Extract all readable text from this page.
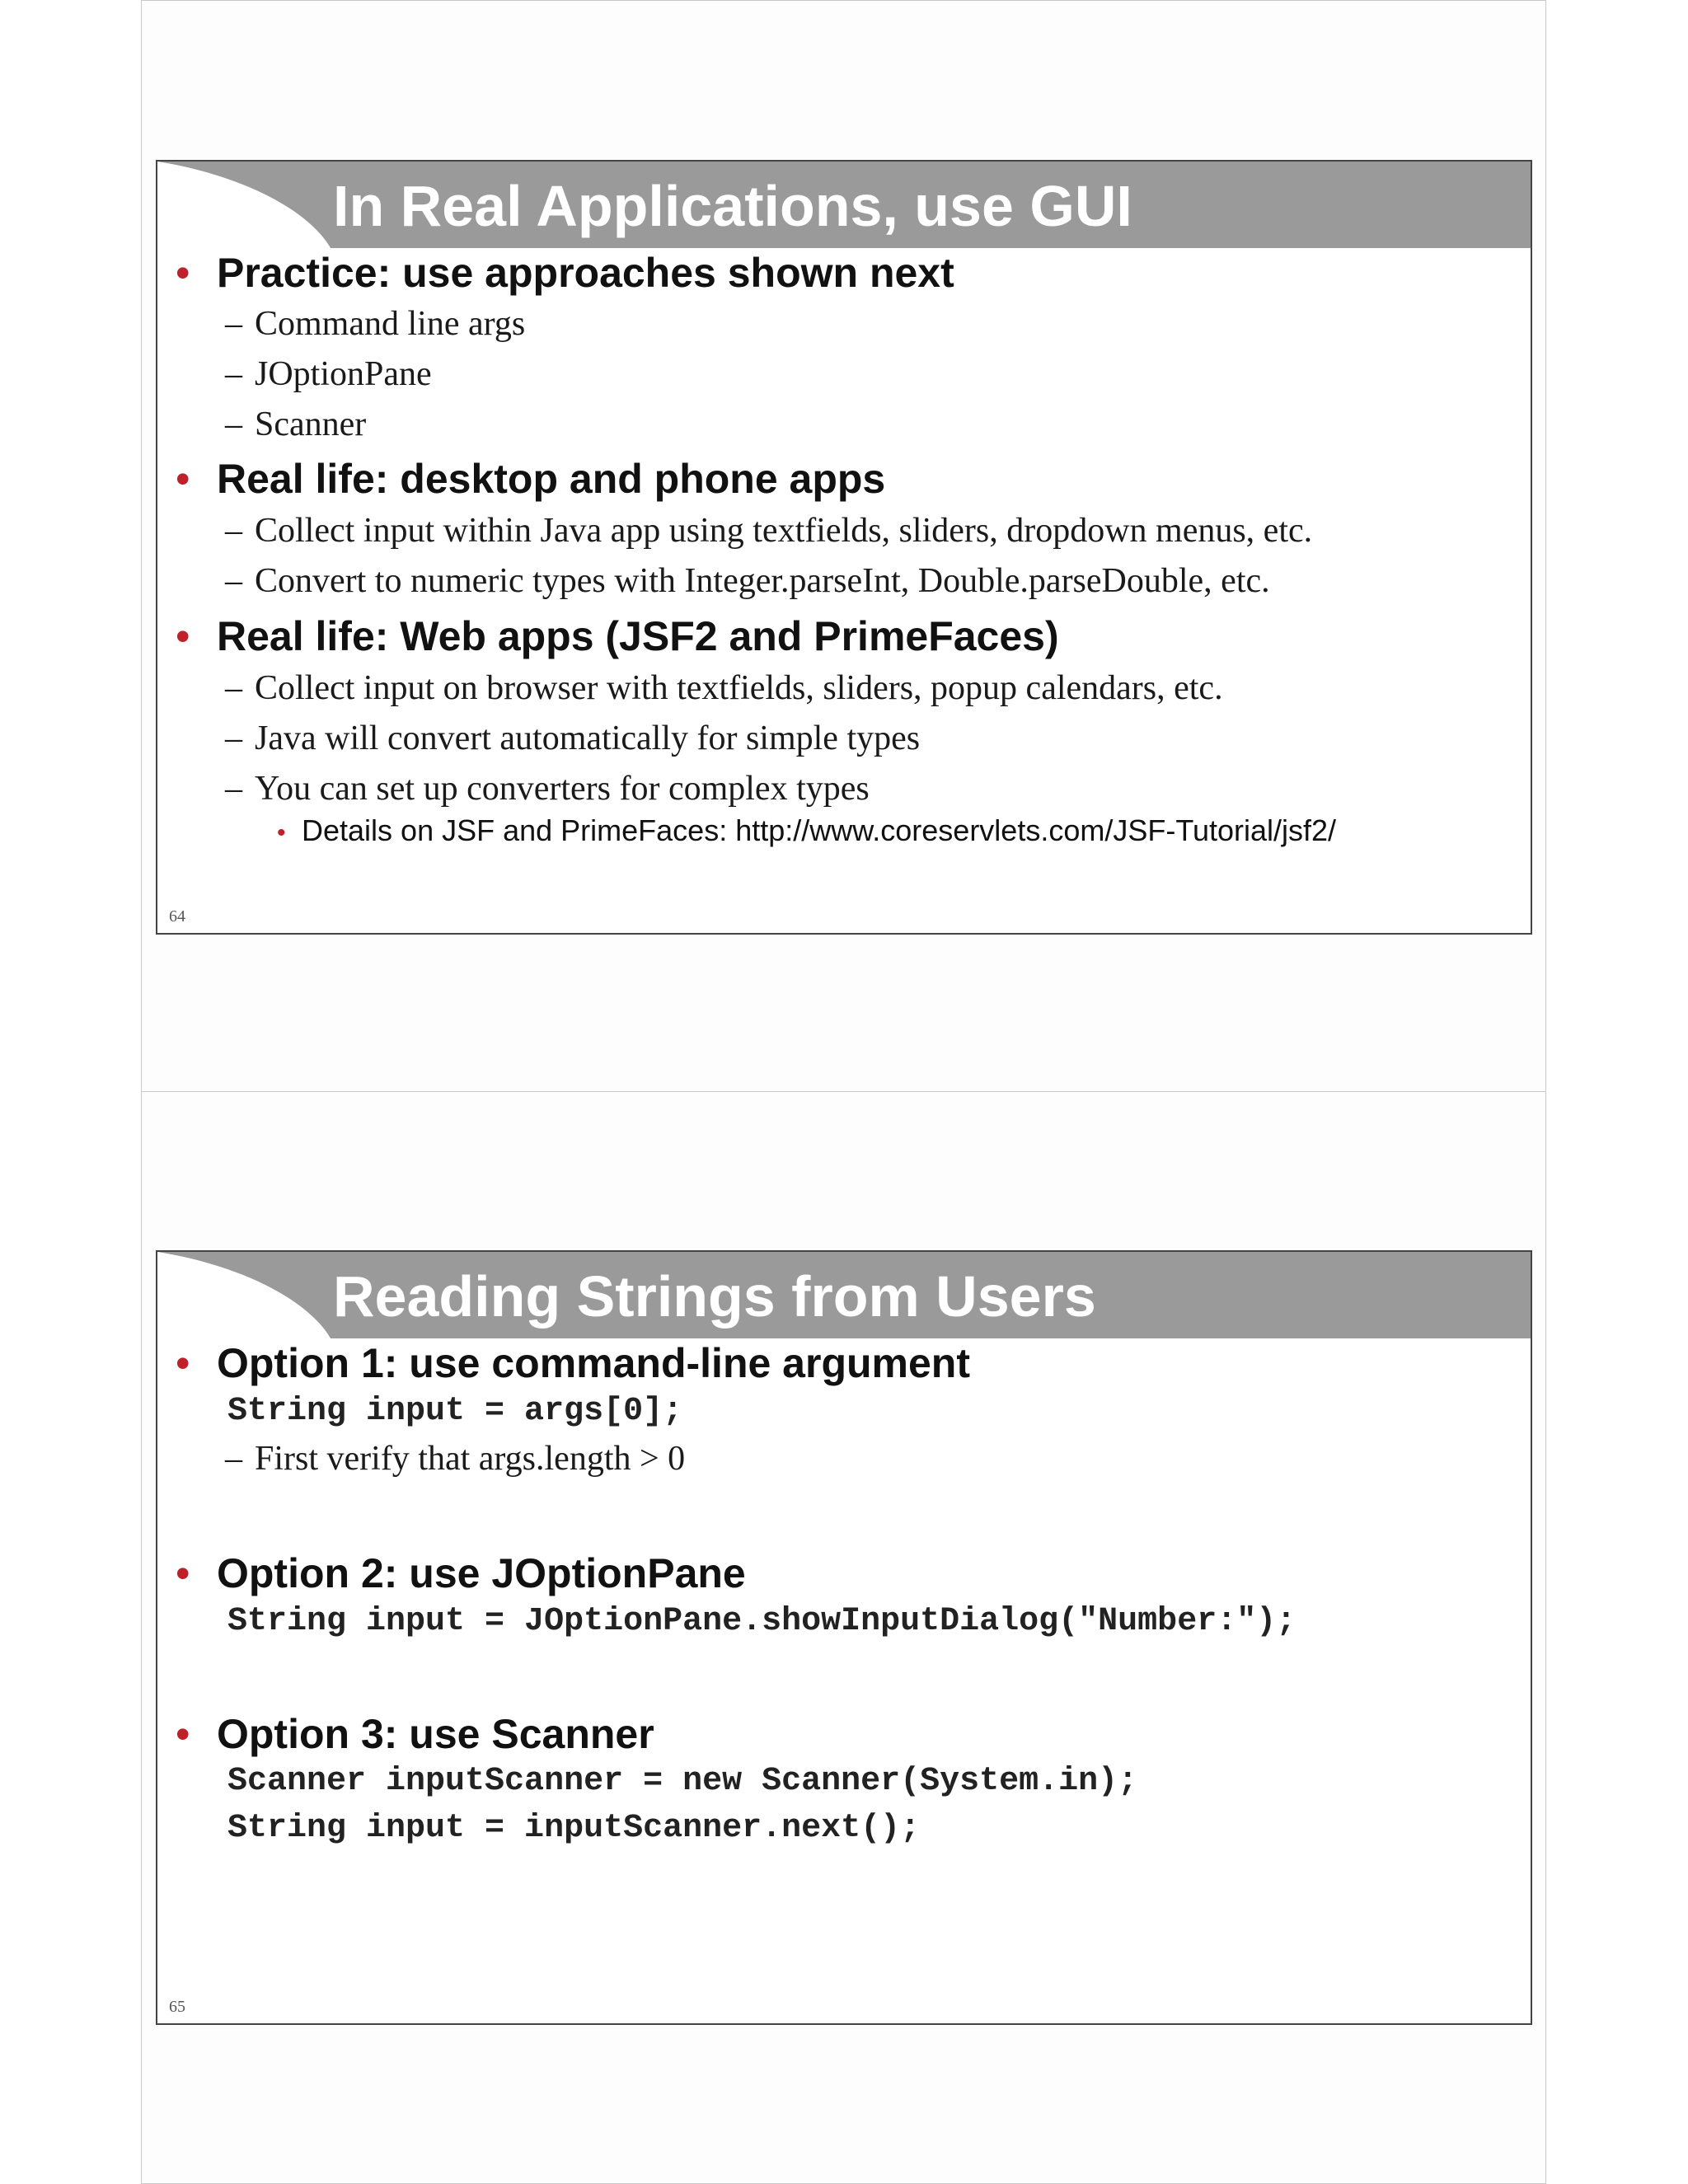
In Real Applications, use GUI
• Practice: use approaches shown next
– Command line args
– JOptionPane
– Scanner
• Real life: desktop and phone apps
– Collect input within Java app using textfields, sliders, dropdown menus, etc.
– Convert to numeric types with Integer.parseInt, Double.parseDouble, etc.
• Real life: Web apps (JSF2 and PrimeFaces)
– Collect input on browser with textfields, sliders, popup calendars, etc.
– Java will convert automatically for simple types
– You can set up converters for complex types
• Details on JSF and PrimeFaces: http://www.coreservlets.com/JSF-Tutorial/jsf2/
64
Reading Strings from Users
• Option 1: use command-line argument
String input = args[0];
– First verify that args.length > 0
• Option 2: use JOptionPane
String input = JOptionPane.showInputDialog("Number:");
• Option 3: use Scanner
Scanner inputScanner = new Scanner(System.in);
String input = inputScanner.next();
65
